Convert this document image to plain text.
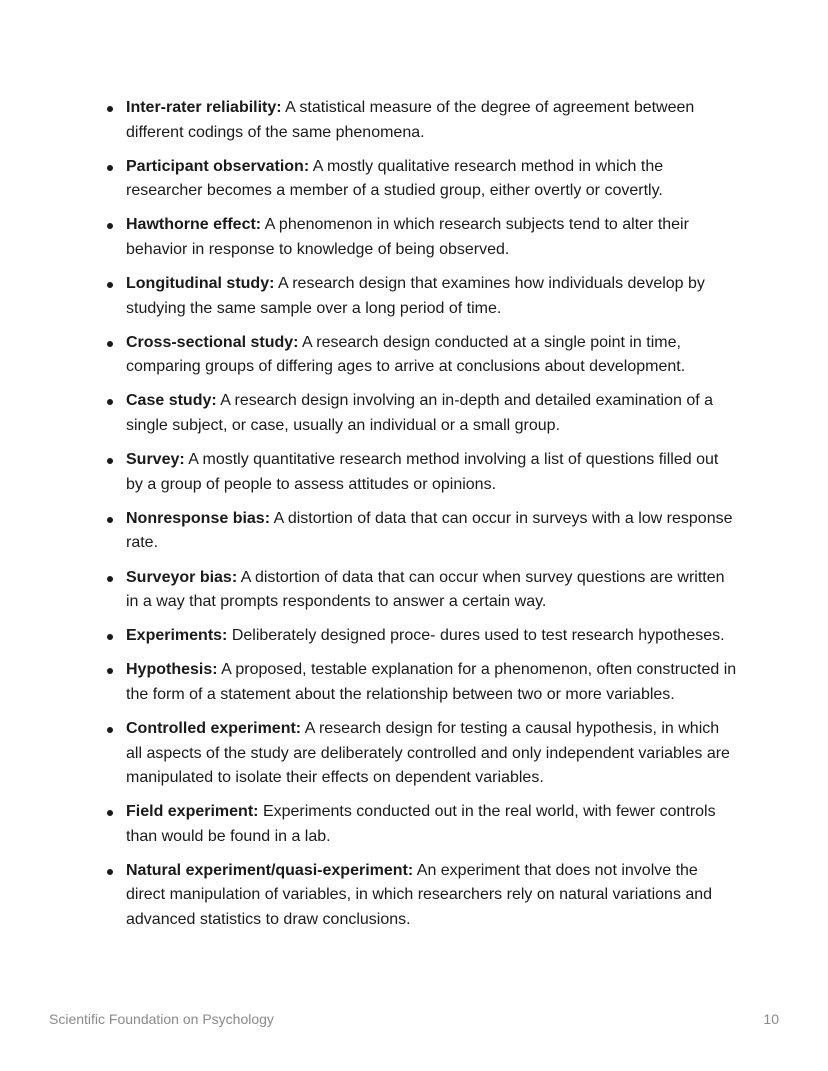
Inter-rater reliability: A statistical measure of the degree of agreement between different codings of the same phenomena.
Participant observation: A mostly qualitative research method in which the researcher becomes a member of a studied group, either overtly or covertly.
Hawthorne effect: A phenomenon in which research subjects tend to alter their behavior in response to knowledge of being observed.
Longitudinal study: A research design that examines how individuals develop by studying the same sample over a long period of time.
Cross-sectional study: A research design conducted at a single point in time, comparing groups of differing ages to arrive at conclusions about development.
Case study: A research design involving an in-depth and detailed examination of a single subject, or case, usually an individual or a small group.
Survey: A mostly quantitative research method involving a list of questions filled out by a group of people to assess attitudes or opinions.
Nonresponse bias: A distortion of data that can occur in surveys with a low response rate.
Surveyor bias: A distortion of data that can occur when survey questions are written in a way that prompts respondents to answer a certain way.
Experiments: Deliberately designed proce- dures used to test research hypotheses.
Hypothesis: A proposed, testable explanation for a phenomenon, often constructed in the form of a statement about the relationship between two or more variables.
Controlled experiment: A research design for testing a causal hypothesis, in which all aspects of the study are deliberately controlled and only independent variables are manipulated to isolate their effects on dependent variables.
Field experiment: Experiments conducted out in the real world, with fewer controls than would be found in a lab.
Natural experiment/quasi-experiment: An experiment that does not involve the direct manipulation of variables, in which researchers rely on natural variations and advanced statistics to draw conclusions.
Scientific Foundation on Psychology	10
